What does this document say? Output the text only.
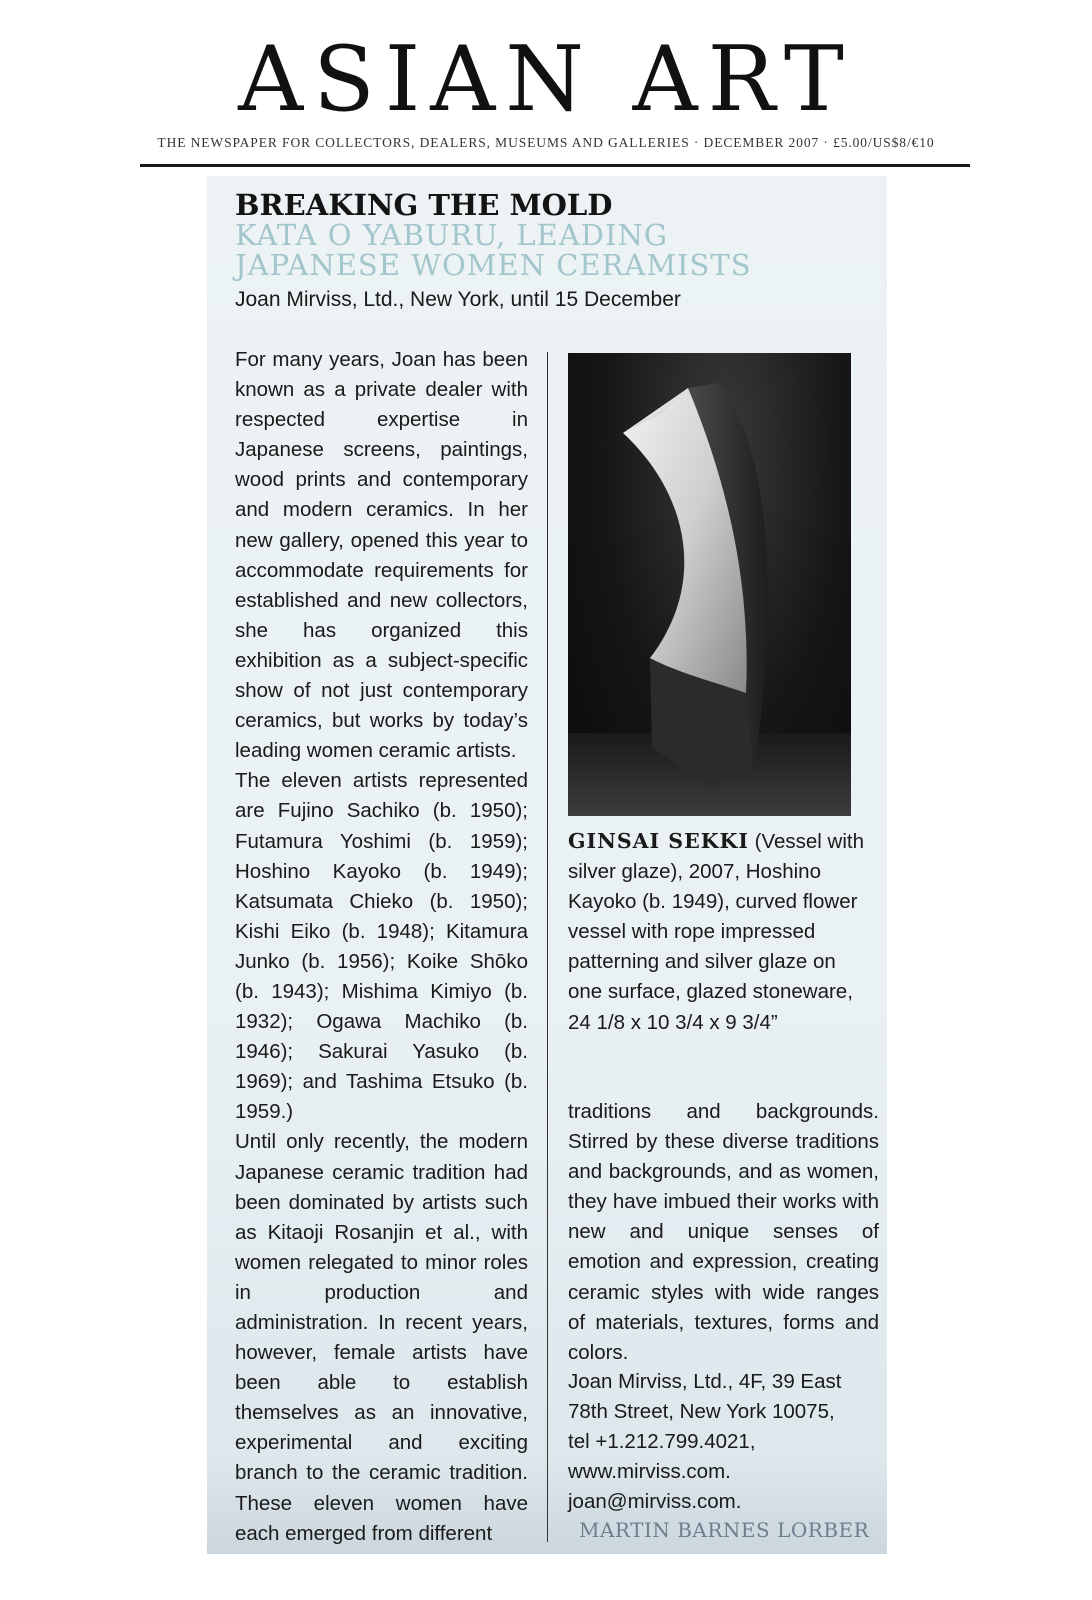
ASIAN ART
THE NEWSPAPER FOR COLLECTORS, DEALERS, MUSEUMS AND GALLERIES · DECEMBER 2007 · £5.00/US$8/€10
BREAKING THE MOLD
KATA O YABURU, LEADING JAPANESE WOMEN CERAMISTS
Joan Mirviss, Ltd., New York, until 15 December

For many years, Joan has been known as a private dealer with respected expertise in Japanese screens, paintings, wood prints and contemporary and modern ceramics. In her new gallery, opened this year to accommodate requirements for established and new collectors, she has organized this exhibition as a subject-specific show of not just contemporary ceramics, but works by today’s leading women ceramic artists.

The eleven artists represented are Fujino Sachiko (b. 1950); Futamura Yoshimi (b. 1959); Hoshino Kayoko (b. 1949); Katsumata Chieko (b. 1950); Kishi Eiko (b. 1948); Kitamura Junko (b. 1956); Koike Shōko (b. 1943); Mishima Kimiyo (b. 1932); Ogawa Machiko (b. 1946); Sakurai Yasuko (b. 1969); and Tashima Etsuko (b. 1959.)

Until only recently, the modern Japanese ceramic tradition had been dominated by artists such as Kitaoji Rosanjin et al., with women relegated to minor roles in production and administration. In recent years, however, female artists have been able to establish themselves as an innovative, experimental and exciting branch to the ceramic tradition. These eleven women have each emerged from different

GINSAI SEKKI (Vessel with silver glaze), 2007, Hoshino Kayoko (b. 1949), curved flower vessel with rope impressed patterning and silver glaze on one surface, glazed stoneware, 24 1/8 x 10 3/4 x 9 3/4”

traditions and backgrounds. Stirred by these diverse traditions and backgrounds, and as women, they have imbued their works with new and unique senses of emotion and expression, creating ceramic styles with wide ranges of materials, textures, forms and colors.

Joan Mirviss, Ltd., 4F, 39 East
78th Street, New York 10075,
tel +1.212.799.4021,
www.mirviss.com.
joan@mirviss.com.
MARTIN BARNES LORBER
